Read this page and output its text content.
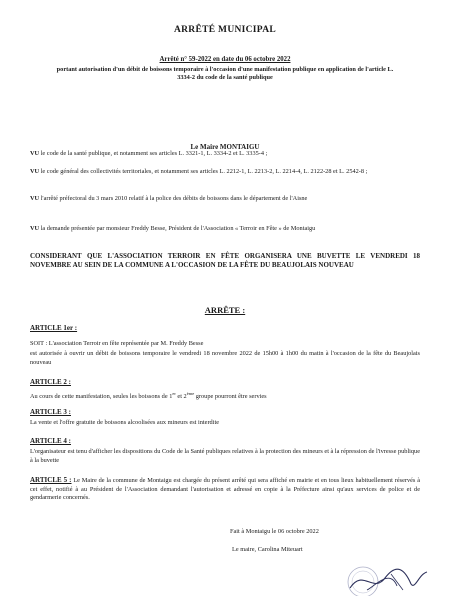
ARRÊTÉ MUNICIPAL
Arrêté n° 59-2022 en date du 06 octobre 2022
portant autorisation d'un débit de boissons temporaire à l'occasion d'une manifestation publique en application de l'article L. 3334-2 du code de la santé publique
Le Maire MONTAIGU
VU le code de la santé publique, et notamment ses articles L. 3321-1, L. 3334-2 et L. 3335-4 ;
VU le code général des collectivités territoriales, et notamment ses articles L. 2212-1, L. 2213-2, L. 2214-4, L. 2122-28 et L. 2542-8 ;
VU l'arrêté préfectoral du 3 mars 2010 relatif à la police des débits de boissons dans le département de l'Aisne
VU la demande présentée par monsieur Freddy Besse, Président de l'Association « Terroir en Fête » de Montaigu
CONSIDERANT QUE L'ASSOCIATION TERROIR EN FÊTE ORGANISERA UNE BUVETTE LE VENDREDI 18 NOVEMBRE AU SEIN DE LA COMMUNE A L'OCCASION DE LA FÊTE DU BEAUJOLAIS NOUVEAU
ARRÊTE :
ARTICLE 1er :
SOIT : L'association Terroir en fête représentée par M. Freddy Besse
est autorisée à ouvrir un débit de boissons temporaire le vendredi 18 novembre 2022 de 15h00 à 1h00 du matin à l'occasion de la fête du Beaujolais nouveau
ARTICLE 2 :
Au cours de cette manifestation, seules les boissons de 1er et 2ème groupe pourront être servies
ARTICLE 3 :
La vente et l'offre gratuite de boissons alcoolisées aux mineurs est interdite
ARTICLE 4 :
L'organisateur est tenu d'afficher les dispositions du Code de la Santé publiques relatives à la protection des mineurs et à la répression de l'ivresse publique à la buvette
ARTICLE 5 : Le Maire de la commune de Montaigu est chargée du présent arrêté qui sera affiché en mairie et en tous lieux habituellement réservés à cet effet, notifié à au Président de l'Association demandant l'autorisation et adressé en copie à la Préfecture ainsi qu'aux services de police et de gendarmerie concernés.
Fait à Montaigu le 06 octobre 2022
Le maire, Carolina Miteuart
